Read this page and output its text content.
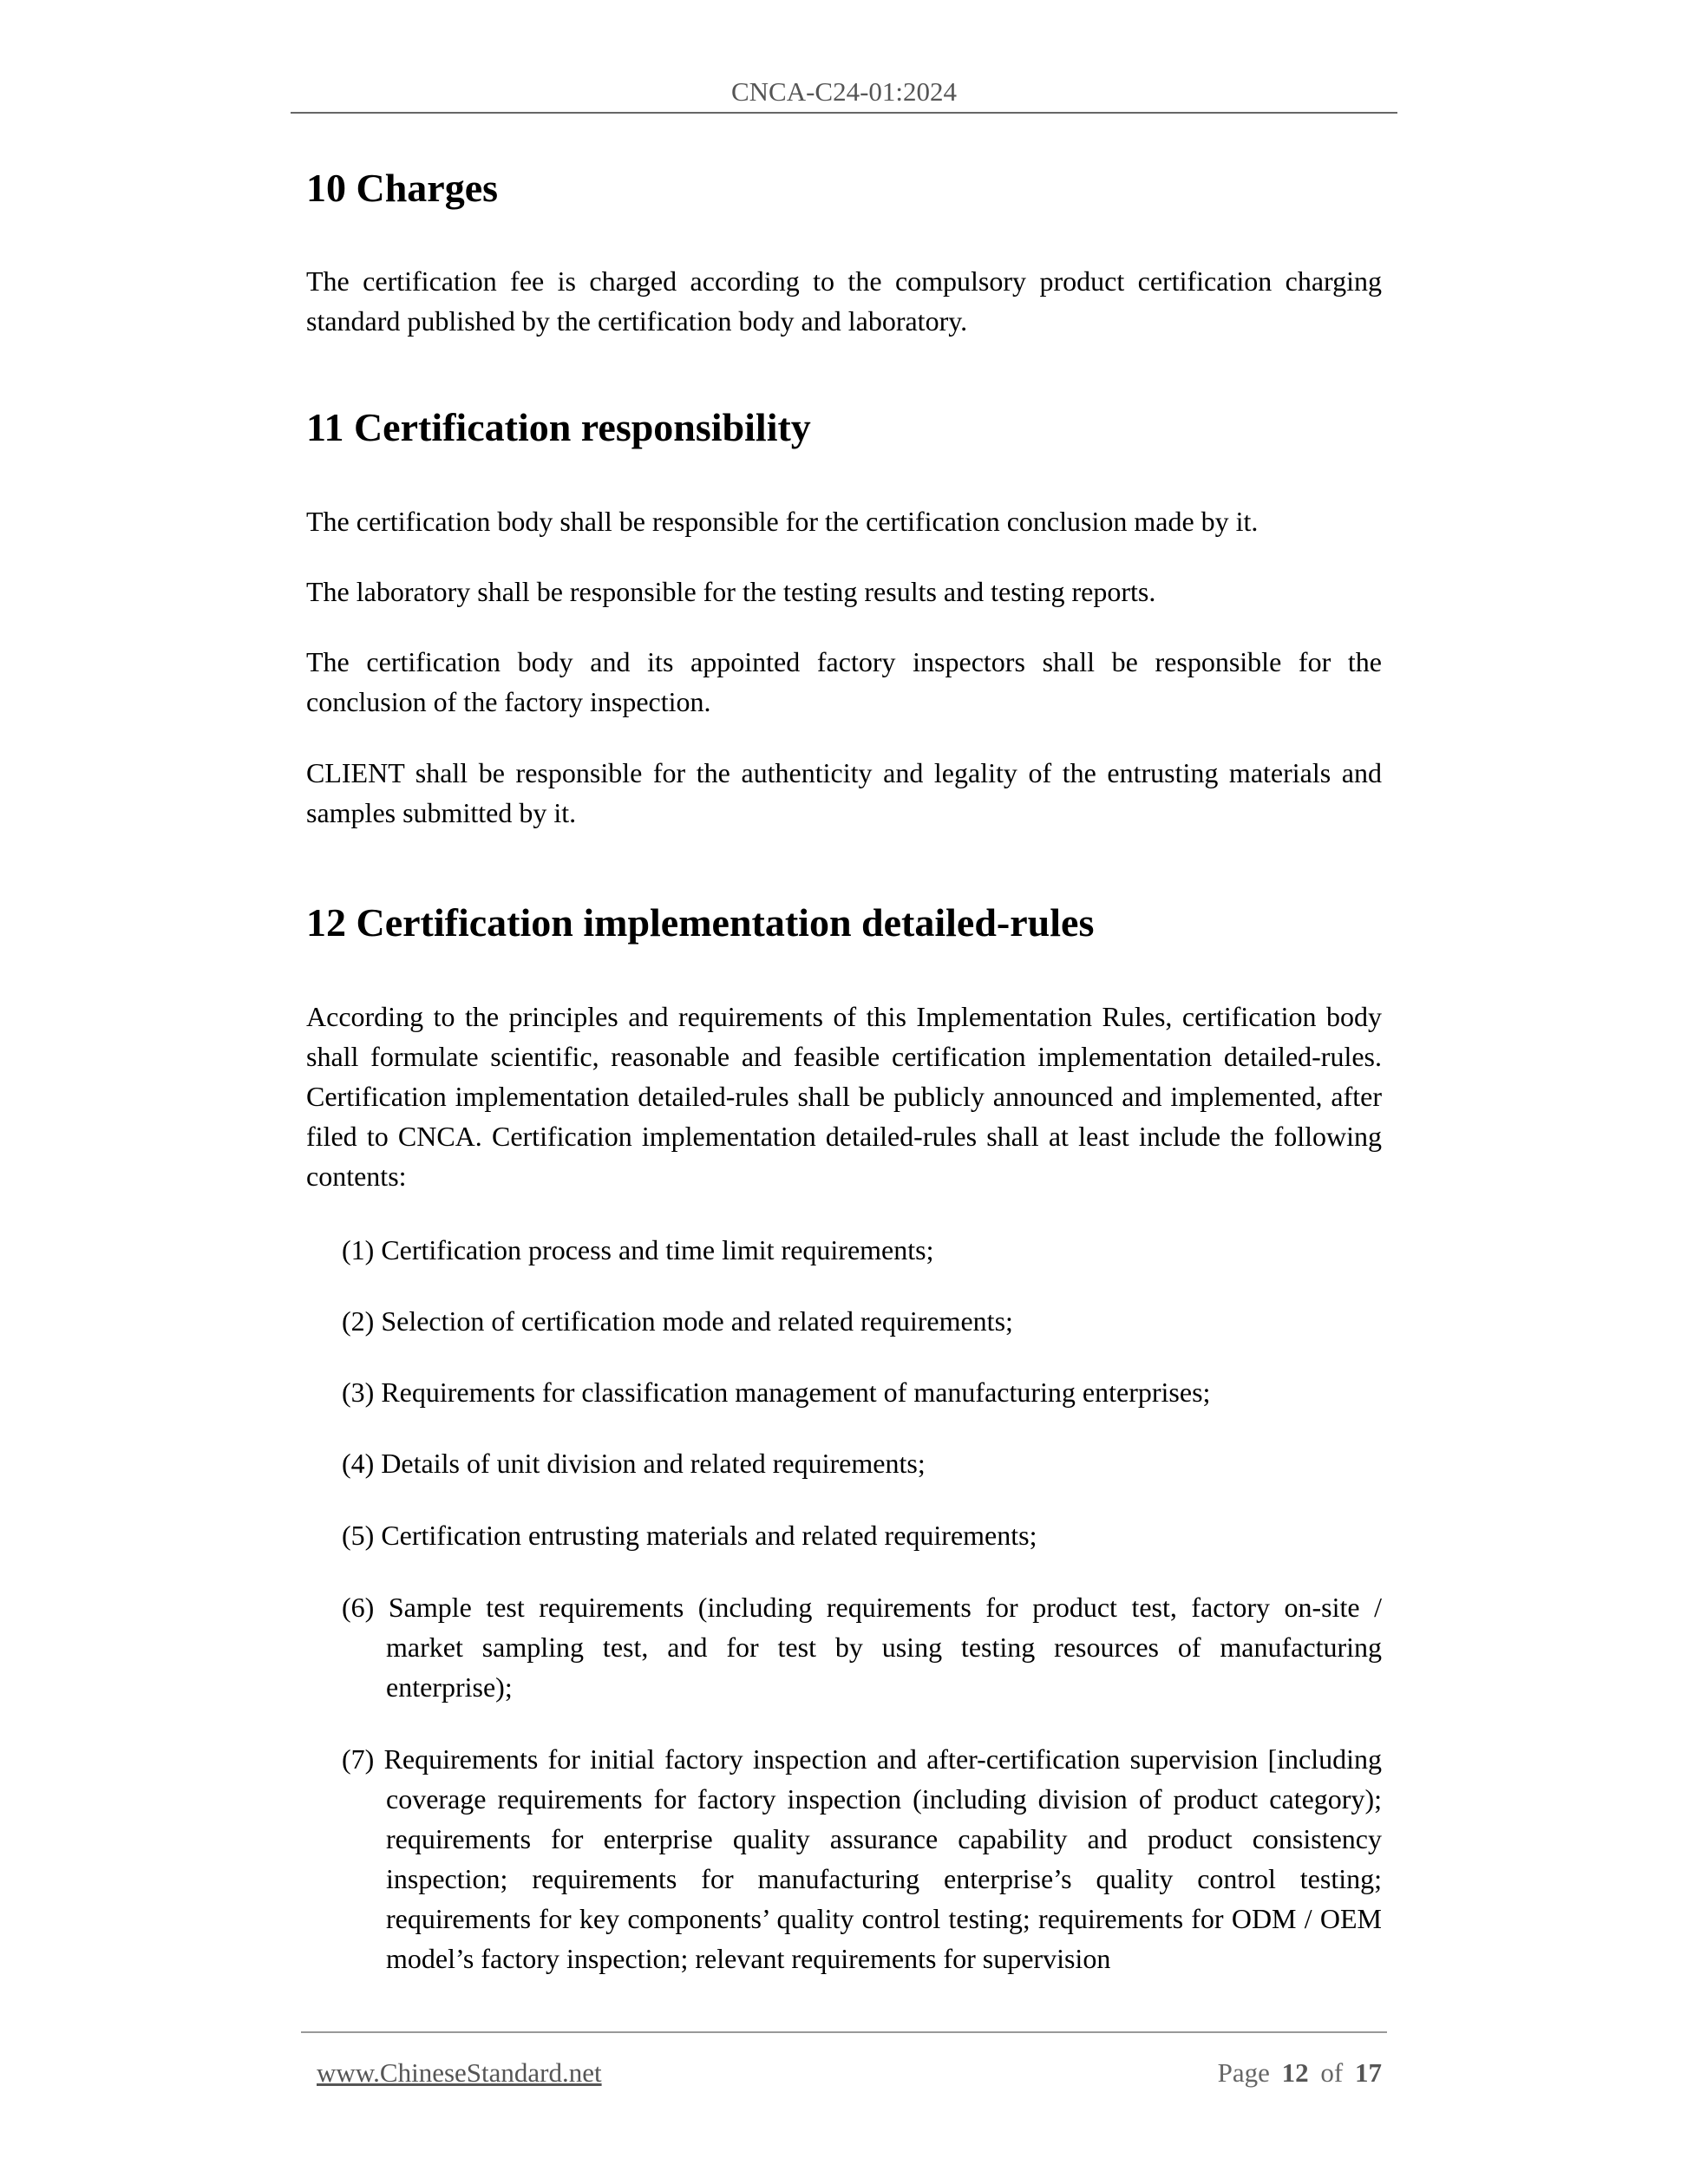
CNCA-C24-01:2024
10 Charges

The certification fee is charged according to the compulsory product certification charging standard published by the certification body and laboratory.

11 Certification responsibility

The certification body shall be responsible for the certification conclusion made by it.

The laboratory shall be responsible for the testing results and testing reports.

The certification body and its appointed factory inspectors shall be responsible for the conclusion of the factory inspection.

CLIENT shall be responsible for the authenticity and legality of the entrusting materials and samples submitted by it.

12 Certification implementation detailed-rules

According to the principles and requirements of this Implementation Rules, certification body shall formulate scientific, reasonable and feasible certification implementation detailed-rules. Certification implementation detailed-rules shall be publicly announced and implemented, after filed to CNCA. Certification implementation detailed-rules shall at least include the following contents:

(1) Certification process and time limit requirements;

(2) Selection of certification mode and related requirements;

(3) Requirements for classification management of manufacturing enterprises;

(4) Details of unit division and related requirements;

(5) Certification entrusting materials and related requirements;

(6) Sample test requirements (including requirements for product test, factory on-site / market sampling test, and for test by using testing resources of manufacturing enterprise);

(7) Requirements for initial factory inspection and after-certification supervision [including coverage requirements for factory inspection (including division of product category); requirements for enterprise quality assurance capability and product consistency inspection; requirements for manufacturing enterprise’s quality control testing; requirements for key components’ quality control testing; requirements for ODM / OEM model’s factory inspection; relevant requirements for supervision

www.ChineseStandard.net	Page 12 of 17
